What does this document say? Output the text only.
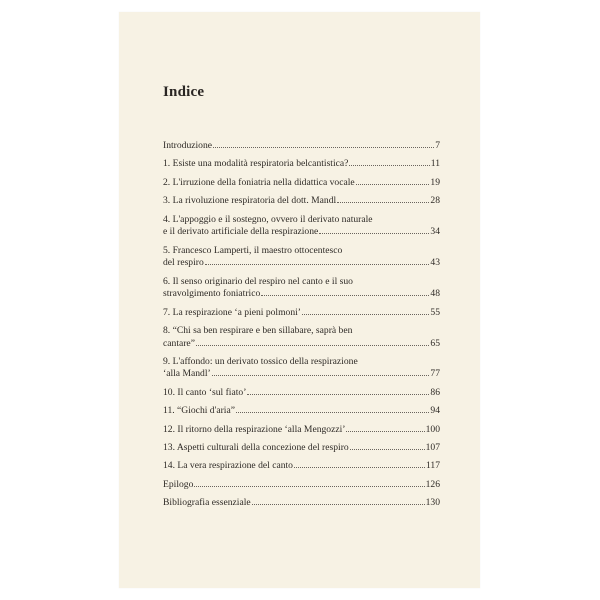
Indice
Introduzione	7
1. Esiste una modalità respiratoria belcantistica?	11
2. L'irruzione della foniatria nella didattica vocale	19
3. La rivoluzione respiratoria del dott. Mandl	28
4. L'appoggio e il sostegno, ovvero il derivato naturale
e il derivato artificiale della respirazione	34
5. Francesco Lamperti, il maestro ottocentesco
del respiro	43
6. Il senso originario del respiro nel canto e il suo
stravolgimento foniatrico	48
7. La respirazione ‘a pieni polmoni’	55
8. “Chi sa ben respirare e ben sillabare, saprà ben
cantare”	65
9. L'affondo: un derivato tossico della respirazione
‘alla Mandl’	77
10. Il canto ‘sul fiato’	86
11. “Giochi d'aria”	94
12. Il ritorno della respirazione ‘alla Mengozzi’	100
13. Aspetti culturali della concezione del respiro	107
14. La vera respirazione del canto	117
Epilogo	126
Bibliografia essenziale	130
